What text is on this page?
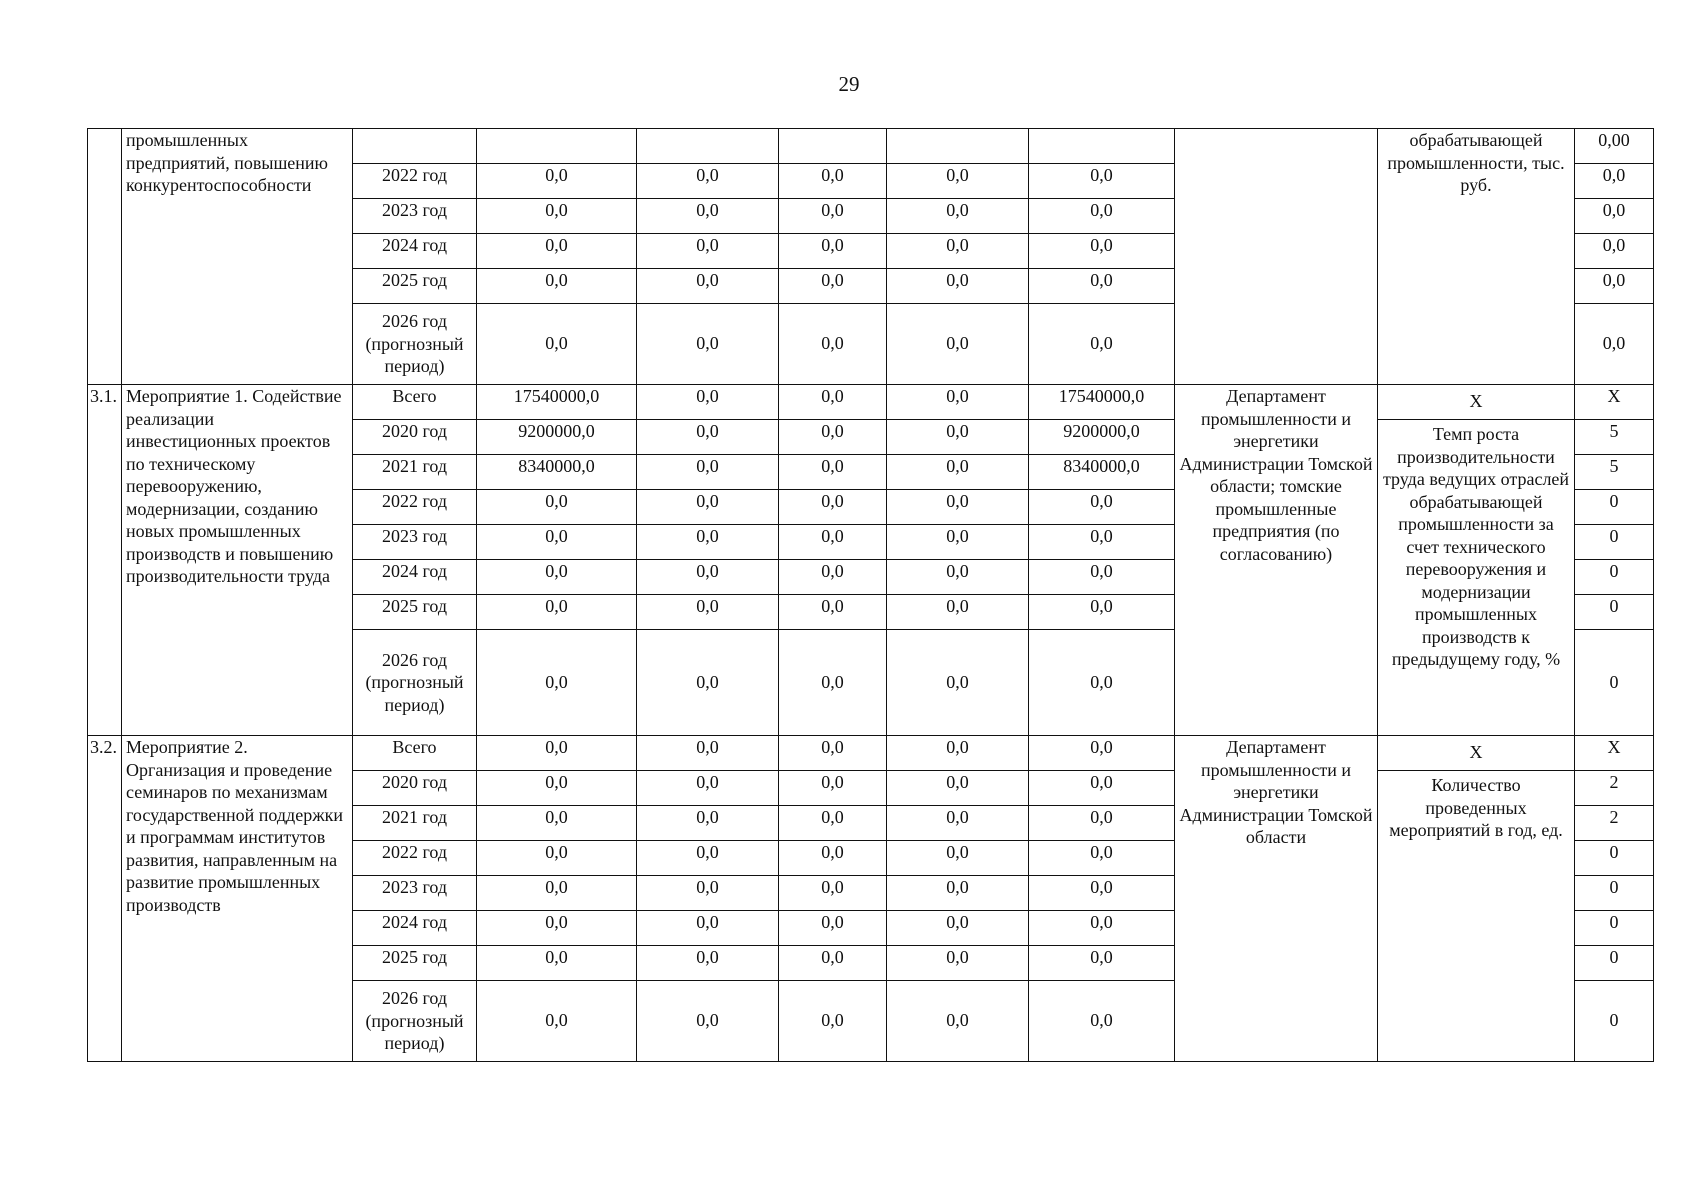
29
	промышленных предприятий, повышению конкурентоспособности								обрабатывающей промышленности, тыс. руб.	0,00
		2022 год	0,0	0,0	0,0	0,0	0,0			0,0
		2023 год	0,0	0,0	0,0	0,0	0,0			0,0
		2024 год	0,0	0,0	0,0	0,0	0,0			0,0
		2025 год	0,0	0,0	0,0	0,0	0,0			0,0
		2026 год (прогнозный период)	0,0	0,0	0,0	0,0	0,0			0,0
3.1.	Мероприятие 1. Содействие реализации инвестиционных проектов по техническому перевооружению, модернизации, созданию новых промышленных производств и повышению производительности труда	Всего	17540000,0	0,0	0,0	0,0	17540000,0	Департамент промышленности и энергетики Администрации Томской области; томские промышленные предприятия (по согласованию)	Х	Х
		2020 год	9200000,0	0,0	0,0	0,0	9200000,0		Темп роста производительности труда ведущих отраслей обрабатывающей промышленности за счет технического перевооружения и модернизации промышленных производств к предыдущему году, %	5
		2021 год	8340000,0	0,0	0,0	0,0	8340000,0			5
		2022 год	0,0	0,0	0,0	0,0	0,0			0
		2023 год	0,0	0,0	0,0	0,0	0,0			0
		2024 год	0,0	0,0	0,0	0,0	0,0			0
		2025 год	0,0	0,0	0,0	0,0	0,0			0
		2026 год (прогнозный период)	0,0	0,0	0,0	0,0	0,0			0
3.2.	Мероприятие 2. Организация и проведение семинаров по механизмам государственной поддержки и программам институтов развития, направленным на развитие промышленных производств	Всего	0,0	0,0	0,0	0,0	0,0	Департамент промышленности и энергетики Администрации Томской области	Х	Х
		2020 год	0,0	0,0	0,0	0,0	0,0		Количество проведенных мероприятий в год, ед.	2
		2021 год	0,0	0,0	0,0	0,0	0,0			2
		2022 год	0,0	0,0	0,0	0,0	0,0			0
		2023 год	0,0	0,0	0,0	0,0	0,0			0
		2024 год	0,0	0,0	0,0	0,0	0,0			0
		2025 год	0,0	0,0	0,0	0,0	0,0			0
		2026 год (прогнозный период)	0,0	0,0	0,0	0,0	0,0			0
